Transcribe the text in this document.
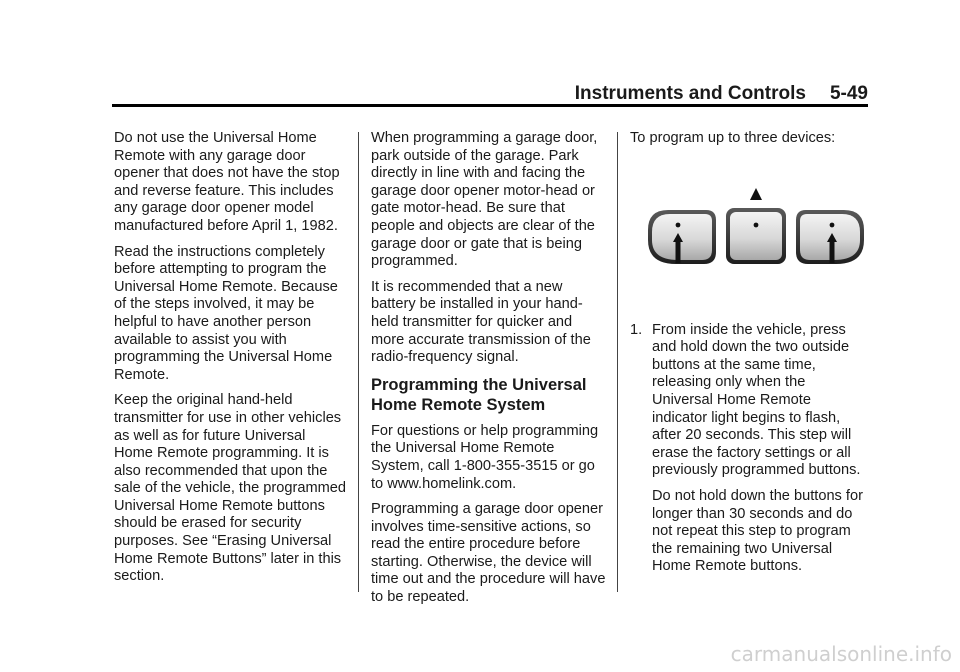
Instruments and Controls 5-49

Do not use the Universal Home Remote with any garage door opener that does not have the stop and reverse feature. This includes any garage door opener model manufactured before April 1, 1982.

Read the instructions completely before attempting to program the Universal Home Remote. Because of the steps involved, it may be helpful to have another person available to assist you with programming the Universal Home Remote.

Keep the original hand-held transmitter for use in other vehicles as well as for future Universal Home Remote programming. It is also recommended that upon the sale of the vehicle, the programmed Universal Home Remote buttons should be erased for security purposes. See “Erasing Universal Home Remote Buttons” later in this section.

When programming a garage door, park outside of the garage. Park directly in line with and facing the garage door opener motor-head or gate motor-head. Be sure that people and objects are clear of the garage door or gate that is being programmed.

It is recommended that a new battery be installed in your hand-held transmitter for quicker and more accurate transmission of the radio-frequency signal.

Programming the Universal Home Remote System

For questions or help programming the Universal Home Remote System, call 1-800-355-3515 or go to www.homelink.com.

Programming a garage door opener involves time-sensitive actions, so read the entire procedure before starting. Otherwise, the device will time out and the procedure will have to be repeated.

To program up to three devices:

1. From inside the vehicle, press and hold down the two outside buttons at the same time, releasing only when the Universal Home Remote indicator light begins to flash, after 20 seconds. This step will erase the factory settings or all previously programmed buttons.

Do not hold down the buttons for longer than 30 seconds and do not repeat this step to program the remaining two Universal Home Remote buttons.

carmanualsonline.info
